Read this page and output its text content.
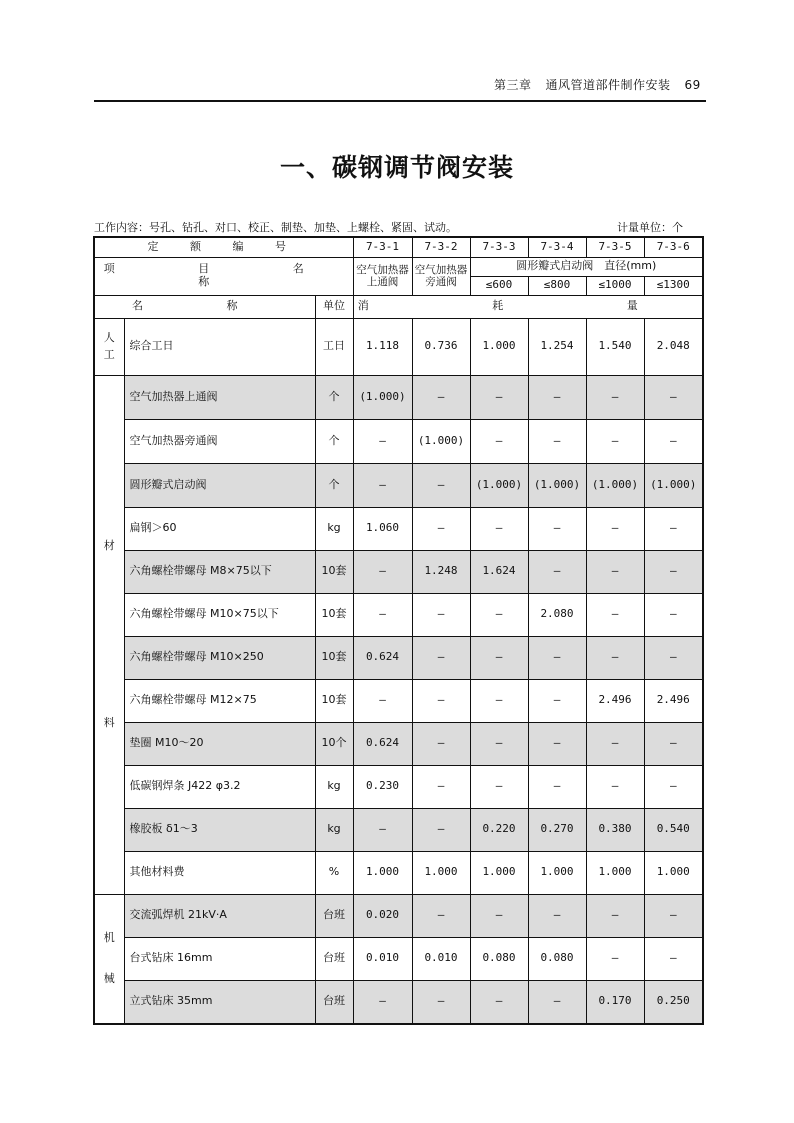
第三章 通风管道部件制作安装 69
一、碳钢调节阀安装
工作内容：号孔、钻孔、对口、校正、制垫、加垫、上螺栓、紧固、试动。	计量单位：个
定 额 编 号			7-3-1	7-3-2	7-3-3	7-3-4	7-3-5	7-3-6
项 目 名 称			空气加热器上通阀	空气加热器旁通阀	圆形瓣式启动阀　直径(mm)			
					≤600	≤800	≤1000	≤1300
名 称		单位	消 耗 量					

人
工	综合工日	工日	1.118	0.736	1.000	1.254	1.540	2.048

材
料	空气加热器上通阀	个	(1.000)	—	—	—	—	—
	空气加热器旁通阀	个	—	(1.000)	—	—	—	—
	圆形瓣式启动阀	个	—	—	(1.000)	(1.000)	(1.000)	(1.000)
	扁钢＞60	kg	1.060	—	—	—	—	—
	六角螺栓带螺母 M8×75以下	10套	—	1.248	1.624	—	—	—
	六角螺栓带螺母 M10×75以下	10套	—	—	—	2.080	—	—
	六角螺栓带螺母 M10×250	10套	0.624	—	—	—	—	—
	六角螺栓带螺母 M12×75	10套	—	—	—	—	2.496	2.496
	垫圈 M10～20	10个	0.624	—	—	—	—	—
	低碳钢焊条 J422 φ3.2	kg	0.230	—	—	—	—	—
	橡胶板 δ1～3	kg	—	—	0.220	0.270	0.380	0.540
	其他材料费	%	1.000	1.000	1.000	1.000	1.000	1.000

机
械	交流弧焊机 21kV·A	台班	0.020	—	—	—	—	—
	台式钻床 16mm	台班	0.010	0.010	0.080	0.080	—	—
	立式钻床 35mm	台班	—	—	—	—	0.170	0.250
